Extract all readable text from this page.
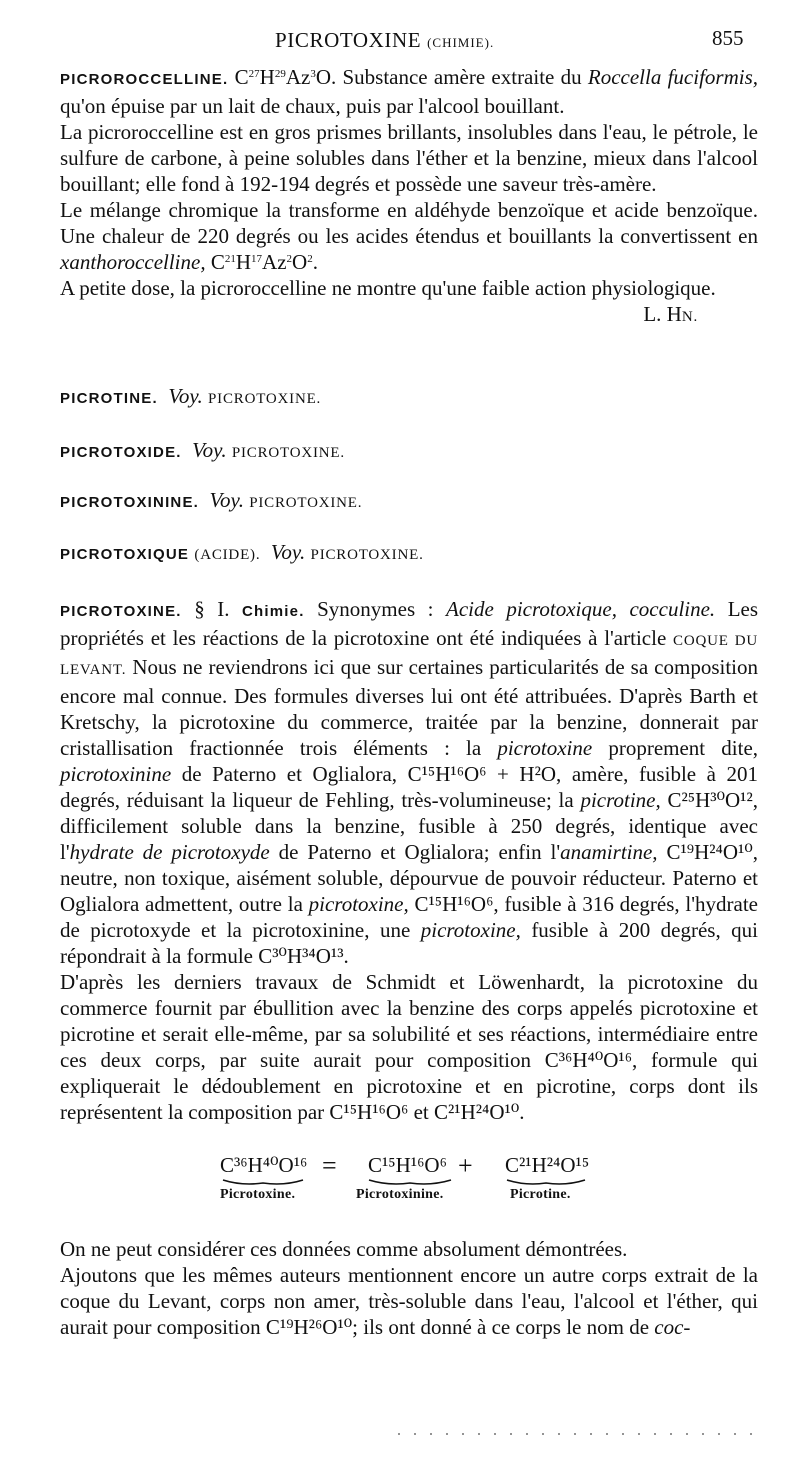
PICROTOXINE (CHIMIE).	855

PICROROCCELLINE. $C^{27}H^{29}Az^3O$. Substance amère extraite du Roccella fuciformis, qu'on épuise par un lait de chaux, puis par l'alcool bouillant.

La picroroccelline est en gros prismes brillants, insolubles dans l'eau, le pétrole, le sulfure de carbone, à peine solubles dans l'éther et la benzine, mieux dans l'alcool bouillant; elle fond à 192-194 degrés et possède une saveur très-amère.

Le mélange chromique la transforme en aldéhyde benzoïque et acide benzoïque. Une chaleur de 220 degrés ou les acides étendus et bouillants la convertissent en xanthoroccelline, $C^{21}H^{17}Az^2O^2$.

A petite dose, la picroroccelline ne montre qu'une faible action physiologique.
L. HN.

PICROTINE. Voy. PICROTOXINE.
PICROTOXIDE. Voy. PICROTOXINE.
PICROTOXININE. Voy. PICROTOXINE.
PICROTOXIQUE (ACIDE). Voy. PICROTOXINE.

PICROTOXINE. § I. Chimie. Synonymes : Acide picrotoxique, cocculine. Les propriétés et les réactions de la picrotoxine ont été indiquées à l'article COQUE DU LEVANT. Nous ne reviendrons ici que sur certaines particularités de sa composition encore mal connue. Des formules diverses lui ont été attribuées. D'après Barth et Kretschy, la picrotoxine du commerce, traitée par la benzine, donnerait par cristallisation fractionnée trois éléments : la picrotoxine proprement dite, picrotoxinine de Paterno et Oglialora, C¹⁵H¹⁶O⁶ + H²O, amère, fusible à 201 degrés, réduisant la liqueur de Fehling, très-volumineuse; la picrotine, C²⁵H³⁰O¹², difficilement soluble dans la benzine, fusible à 250 degrés, identique avec l'hydrate de picrotoxyde de Paterno et Oglialora; enfin l'anamirtine, C¹⁹H²⁴O¹⁰, neutre, non toxique, aisément soluble, dépourvue de pouvoir réducteur. Paterno et Oglialora admettent, outre la picrotoxine, C¹⁵H¹⁶O⁶, fusible à 316 degrés, l'hydrate de picrotoxyde et la picrotoxinine, une picrotoxine, fusible à 200 degrés, qui répondrait à la formule C³⁰H³⁴O¹³.

D'après les derniers travaux de Schmidt et Löwenhardt, la picrotoxine du commerce fournit par ébullition avec la benzine des corps appelés picrotoxine et picrotine et serait elle-même, par sa solubilité et ses réactions, intermédiaire entre ces deux corps, par suite aurait pour composition C³⁶H⁴⁰O¹⁶, formule qui expliquerait le dédoublement en picrotoxine et en picrotine, corps dont ils représentent la composition par C¹⁵H¹⁶O⁶ et C²¹H²⁴O¹⁰.

C³⁶H⁴⁰O¹⁶ = C¹⁵H¹⁶O⁶ + C²¹H²⁴O¹⁵
Picrotoxine.	Picrotoxinine.	Picrotine.

On ne peut considérer ces données comme absolument démontrées.

Ajoutons que les mêmes auteurs mentionnent encore un autre corps extrait de la coque du Levant, corps non amer, très-soluble dans l'eau, l'alcool et l'éther, qui aurait pour composition C¹⁹H²⁶O¹⁰; ils ont donné à ce corps le nom de coc-
